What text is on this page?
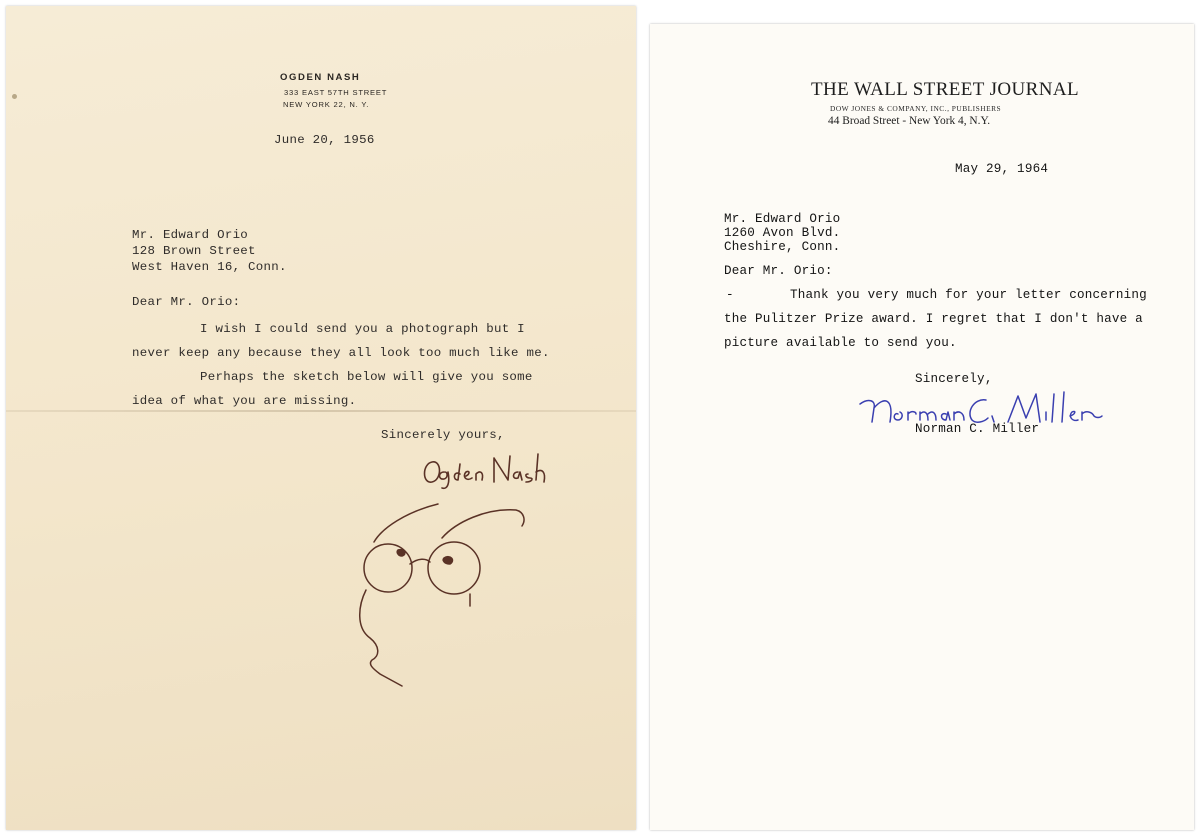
OGDEN NASH
333 EAST 57TH STREET
NEW YORK 22, N. Y.
June 20, 1956
Mr. Edward Orio
128 Brown Street
West Haven 16, Conn.
Dear Mr. Orio:
I wish I could send you a photograph but I
never keep any because they all look too much like me.
Perhaps the sketch below will give you some
idea of what you are missing.
Sincerely yours,
THE WALL STREET JOURNAL
DOW JONES & COMPANY, INC., PUBLISHERS
44 Broad Street - New York 4, N.Y.
May 29, 1964
Mr. Edward Orio
1260 Avon Blvd.
Cheshire, Conn.
Dear Mr. Orio:
-	Thank you very much for your letter concerning
the Pulitzer Prize award. I regret that I don't have a
picture available to send you.
Sincerely,
Norman C. Miller
